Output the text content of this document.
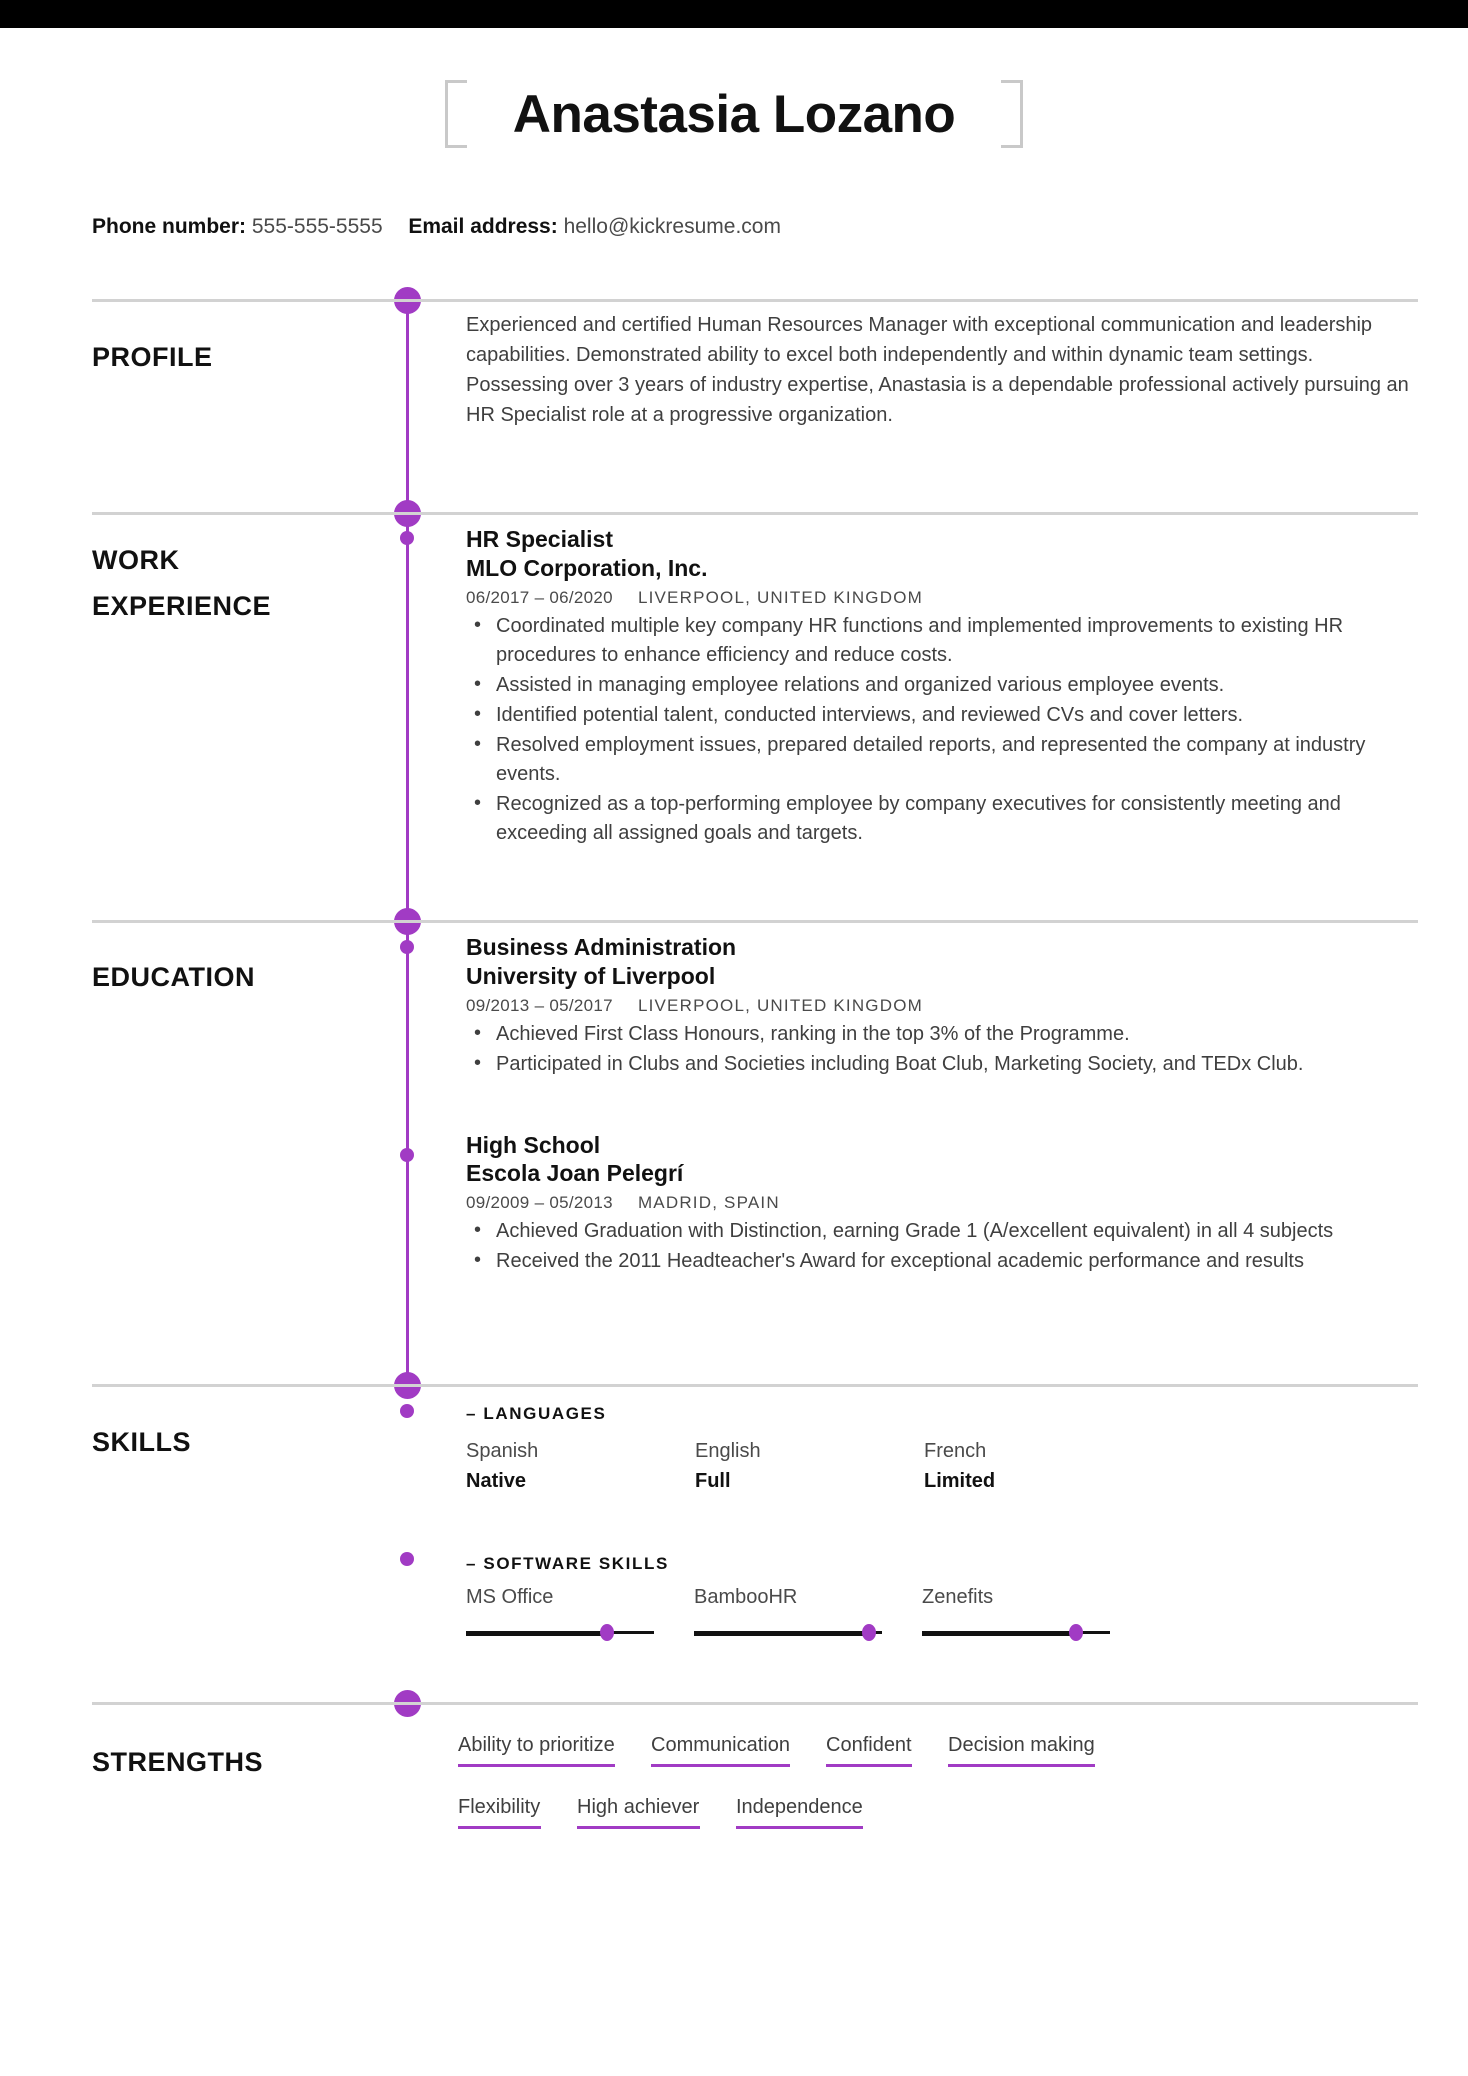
Anastasia Lozano
Phone number: 555-555-5555 Email address: hello@kickresume.com
PROFILE
Experienced and certified Human Resources Manager with exceptional communication and leadership capabilities. Demonstrated ability to excel both independently and within dynamic team settings. Possessing over 3 years of industry expertise, Anastasia is a dependable professional actively pursuing an HR Specialist role at a progressive organization.
WORK
EXPERIENCE
HR Specialist
MLO Corporation, Inc.
06/2017 – 06/2020 LIVERPOOL, UNITED KINGDOM
• Coordinated multiple key company HR functions and implemented improvements to existing HR procedures to enhance efficiency and reduce costs.
• Assisted in managing employee relations and organized various employee events.
• Identified potential talent, conducted interviews, and reviewed CVs and cover letters.
• Resolved employment issues, prepared detailed reports, and represented the company at industry events.
• Recognized as a top-performing employee by company executives for consistently meeting and exceeding all assigned goals and targets.
EDUCATION
Business Administration
University of Liverpool
09/2013 – 05/2017 LIVERPOOL, UNITED KINGDOM
• Achieved First Class Honours, ranking in the top 3% of the Programme.
• Participated in Clubs and Societies including Boat Club, Marketing Society, and TEDx Club.
High School
Escola Joan Pelegrí
09/2009 – 05/2013 MADRID, SPAIN
• Achieved Graduation with Distinction, earning Grade 1 (A/excellent equivalent) in all 4 subjects
• Received the 2011 Headteacher's Award for exceptional academic performance and results
SKILLS
– LANGUAGES
Spanish
Native
English
Full
French
Limited
– SOFTWARE SKILLS
MS Office	BambooHR	Zenefits
STRENGTHS
Ability to prioritize Communication Confident Decision making
Flexibility High achiever Independence
